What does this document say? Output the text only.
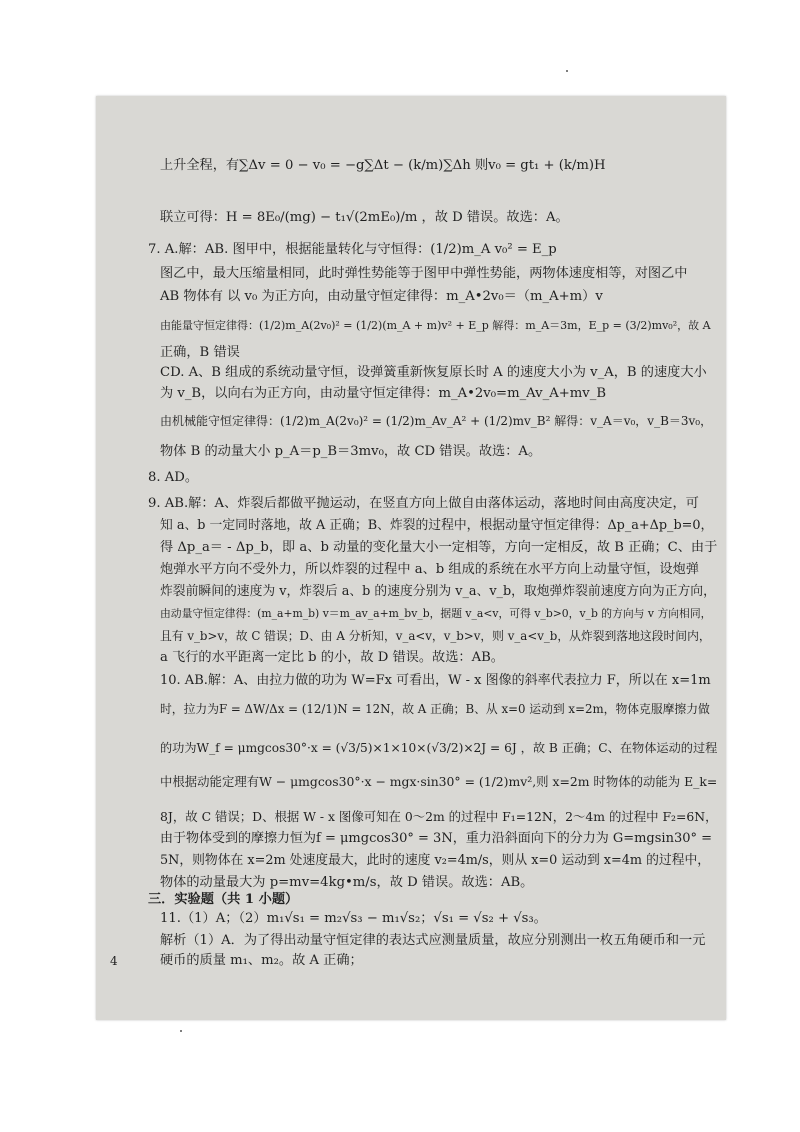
上升全程，有∑Δv = 0 − v₀ = −g∑Δt − (k/m)∑Δh 则v₀ = gt₁ + (k/m)H
联立可得：H = 8E₀/(mg) − t₁√(2mE₀)/m ，故 D 错误。故选：A。
7. A.解：AB. 图甲中，根据能量转化与守恒得：(1/2)m_A v₀² = E_p
图乙中，最大压缩量相同，此时弹性势能等于图甲中弹性势能，两物体速度相等，对图乙中
AB 物体有 以 v₀ 为正方向，由动量守恒定律得：m_A•2v₀＝（m_A+m）v
由能量守恒定律得：(1/2)m_A(2v₀)² = (1/2)(m_A + m)v² + E_p 解得：m_A＝3m，E_p = (3/2)mv₀²，故 A
正确，B 错误
CD. A、B 组成的系统动量守恒，设弹簧重新恢复原长时 A 的速度大小为 v_A，B 的速度大小
为 v_B，以向右为正方向，由动量守恒定律得：m_A•2v₀=m_Av_A+mv_B
由机械能守恒定律得：(1/2)m_A(2v₀)² = (1/2)m_Av_A² + (1/2)mv_B² 解得：v_A＝v₀，v_B＝3v₀，
物体 B 的动量大小 p_A＝p_B＝3mv₀，故 CD 错误。故选：A。
8. AD。
9. AB.解：A、炸裂后都做平抛运动，在竖直方向上做自由落体运动，落地时间由高度决定，可
知 a、b 一定同时落地，故 A 正确；B、炸裂的过程中，根据动量守恒定律得：Δp_a+Δp_b=0，
得 Δp_a＝ - Δp_b，即 a、b 动量的变化量大小一定相等，方向一定相反，故 B 正确；C、由于
炮弹水平方向不受外力，所以炸裂的过程中 a、b 组成的系统在水平方向上动量守恒，设炮弹
炸裂前瞬间的速度为 v，炸裂后 a、b 的速度分别为 v_a、v_b，取炮弹炸裂前速度方向为正方向，
由动量守恒定律得：(m_a+m_b) v＝m_av_a+m_bv_b，据题 v_a<v，可得 v_b>0，v_b 的方向与 v 方向相同，
且有 v_b>v，故 C 错误；D、由 A 分析知，v_a<v，v_b>v，则 v_a<v_b，从炸裂到落地这段时间内，
a 飞行的水平距离一定比 b 的小，故 D 错误。故选：AB。
10. AB.解：A、由拉力做的功为 W=Fx 可看出，W - x 图像的斜率代表拉力 F，所以在 x=1m
时，拉力为F = ΔW/Δx = (12/1)N = 12N，故 A 正确；B、从 x=0 运动到 x=2m，物体克服摩擦力做
的功为W_f = μmgcos30°·x = (√3/5)×1×10×(√3/2)×2J = 6J ，故 B 正确；C、在物体运动的过程
中根据动能定理有W − μmgcos30°·x − mgx·sin30° = (1/2)mv²,则 x=2m 时物体的动能为 E_k=
8J，故 C 错误；D、根据 W - x 图像可知在 0～2m 的过程中 F₁=12N，2～4m 的过程中 F₂=6N，
由于物体受到的摩擦力恒为f = μmgcos30° = 3N，重力沿斜面向下的分力为 G=mgsin30° =
5N，则物体在 x=2m 处速度最大，此时的速度 v₂=4m/s，则从 x=0 运动到 x=4m 的过程中，
物体的动量最大为 p=mv=4kg•m/s，故 D 错误。故选：AB。
三．实验题（共 1 小题）
11.（1）A；（2）m₁√s₁ = m₂√s₃ − m₁√s₂；√s₁ = √s₂ + √s₃。
解析（1）A．为了得出动量守恒定律的表达式应测量质量，故应分别测出一枚五角硬币和一元
硬币的质量 m₁、m₂。故 A 正确；
4
